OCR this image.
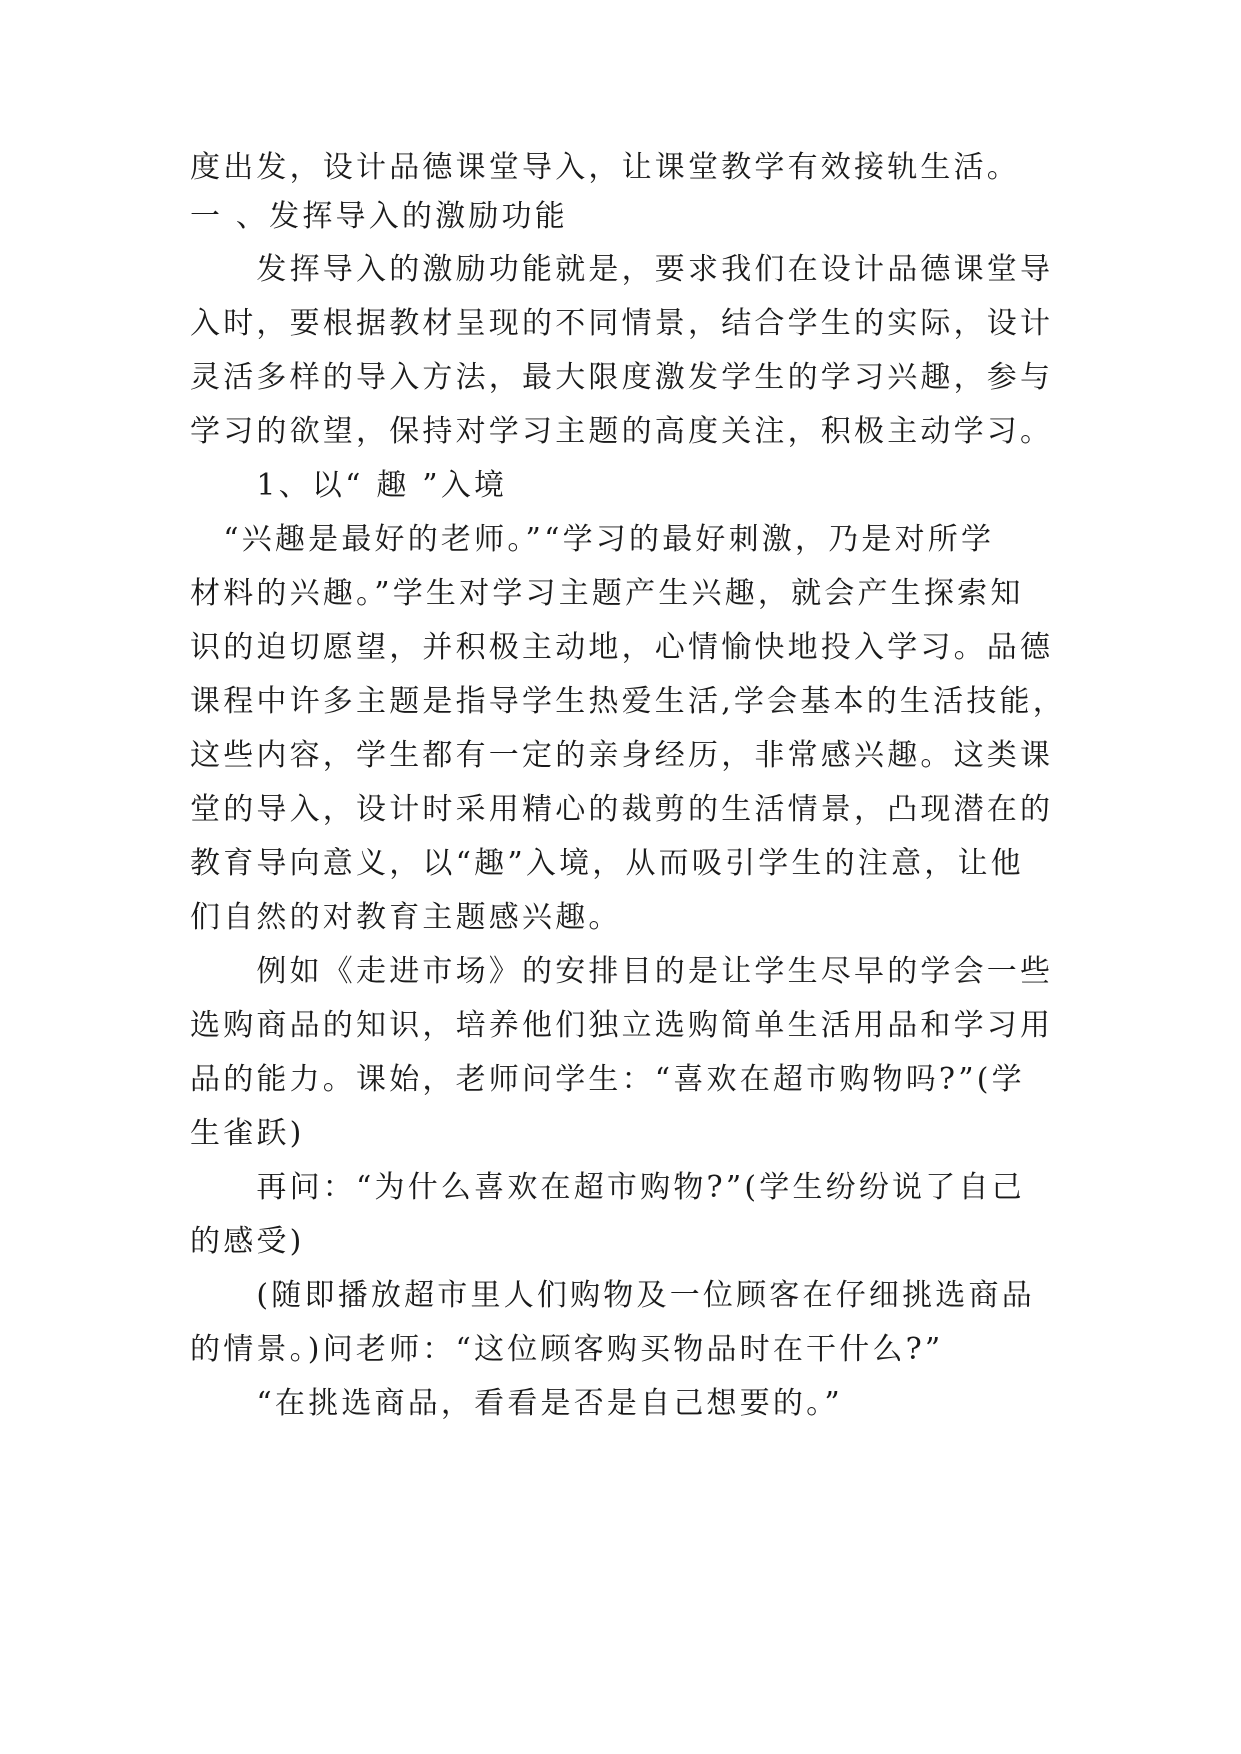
度出发，设计品德课堂导入，让课堂教学有效接轨生活。
一 、发挥导入的激励功能
　　发挥导入的激励功能就是，要求我们在设计品德课堂导
入时，要根据教材呈现的不同情景，结合学生的实际，设计
灵活多样的导入方法，最大限度激发学生的学习兴趣，参与
学习的欲望，保持对学习主题的高度关注，积极主动学习。
　　1、以“ 趣 ”入境
　“兴趣是最好的老师。”“学习的最好刺激，乃是对所学
材料的兴趣。”学生对学习主题产生兴趣，就会产生探索知
识的迫切愿望，并积极主动地，心情愉快地投入学习。品德
课程中许多主题是指导学生热爱生活,学会基本的生活技能，
这些内容，学生都有一定的亲身经历，非常感兴趣。这类课
堂的导入，设计时采用精心的裁剪的生活情景，凸现潜在的
教育导向意义，以“趣”入境，从而吸引学生的注意，让他
们自然的对教育主题感兴趣。
　　例如《走进市场》的安排目的是让学生尽早的学会一些
选购商品的知识，培养他们独立选购简单生活用品和学习用
品的能力。课始，老师问学生：“喜欢在超市购物吗?”(学
生雀跃)
　　再问：“为什么喜欢在超市购物?”(学生纷纷说了自己
的感受)
　　(随即播放超市里人们购物及一位顾客在仔细挑选商品
的情景。)问老师：“这位顾客购买物品时在干什么?”
　　“在挑选商品，看看是否是自己想要的。”
